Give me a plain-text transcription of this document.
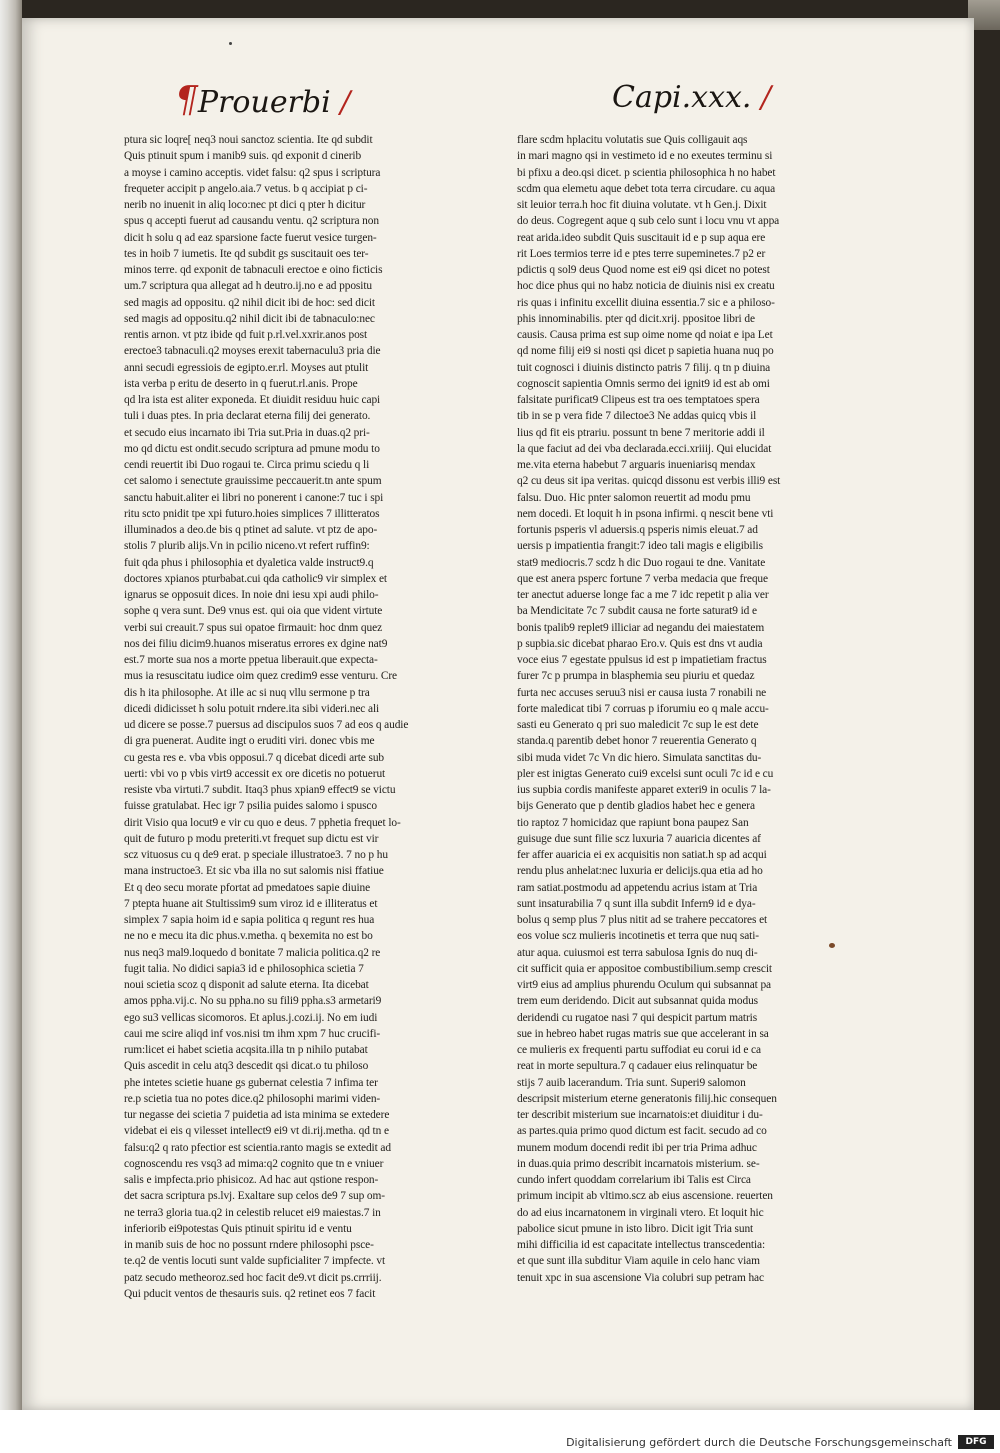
¶Prouerbi /	Capi.xxx. /
ptura sic loqre[ neq3 noui sanctoz scientia. Ite qd subdit
Quis ptinuit spum i manib9 suis. qd exponit d cinerib
a moyse i camino acceptis. videt falsu: q2 spus i scriptura
frequeter accipit p angelo.aia.7 vetus. b q accipiat p ci-
nerib no inuenit in aliq loco:nec pt dici q pter h dicitur
spus q accepti fuerut ad causandu ventu. q2 scriptura non
dicit h solu q ad eaz sparsione facte fuerut vesice turgen-
tes in hoib 7 iumetis. Ite qd subdit gs suscitauit oes ter-
minos terre. qd exponit de tabnaculi erectoe e oino ficticis
um.7 scriptura qua allegat ad h deutro.ij.no e ad ppositu
sed magis ad oppositu. q2 nihil dicit ibi de hoc: sed dicit
sed magis ad oppositu.q2 nihil dicit ibi de tabnaculo:nec
rentis arnon. vt ptz ibide qd fuit p.rl.vel.xxrir.anos post
erectoe3 tabnaculi.q2 moyses erexit tabernaculu3 pria die
anni secudi egressiois de egipto.er.rl. Moyses aut ptulit
ista verba p eritu de deserto in q fuerut.rl.anis. Prope
qd lra ista est aliter exponeda. Et diuidit residuu huic capi
tuli i duas ptes. In pria declarat eterna filij dei generato.
et secudo eius incarnato ibi Tria sut.Pria in duas.q2 pri-
mo qd dictu est ondit.secudo scriptura ad pmune modu to
cendi reuertit ibi Duo rogaui te. Circa primu sciedu q li
cet salomo i senectute grauissime peccauerit.tn ante spum
sanctu habuit.aliter ei libri no ponerent i canone:7 tuc i spi
ritu scto pnidit tpe xpi futuro.hoies simplices 7 illitteratos
illuminados a deo.de bis q ptinet ad salute. vt ptz de apo-
stolis 7 plurib alijs.Vn in pcilio niceno.vt refert ruffin9:
fuit qda phus i philosophia et dyaletica valde instruct9.q
doctores xpianos pturbabat.cui qda catholic9 vir simplex et
ignarus se opposuit dices. In noie dni iesu xpi audi philo-
sophe q vera sunt. De9 vnus est. qui oia que vident virtute
verbi sui creauit.7 spus sui opatoe firmauit: hoc dnm quez
nos dei filiu dicim9.huanos miseratus errores ex dgine nat9
est.7 morte sua nos a morte ppetua liberauit.que expecta-
mus ia resuscitatu iudice oim quez credim9 esse venturu. Cre
dis h ita philosophe. At ille ac si nuq vllu sermone p tra
dicedi didicisset h solu potuit rndere.ita sibi videri.nec ali
ud dicere se posse.7 puersus ad discipulos suos 7 ad eos q audie
di gra puenerat. Audite ingt o eruditi viri. donec vbis me
cu gesta res e. vba vbis opposui.7 q dicebat dicedi arte sub
uerti: vbi vo p vbis virt9 accessit ex ore dicetis no potuerut
resiste vba virtuti.7 subdit. Itaq3 phus xpian9 effect9 se victu
fuisse gratulabat. Hec igr 7 psilia puides salomo i spusco
dirit Visio qua locut9 e vir cu quo e deus. 7 pphetia frequet lo-
quit de futuro p modu preteriti.vt frequet sup dictu est vir
scz vituosus cu q de9 erat. p speciale illustratoe3. 7 no p hu
mana instructoe3. Et sic vba illa no sut salomis nisi ffatiue
Et q deo secu morate pfortat ad pmedatoes sapie diuine
7 ptepta huane ait Stultissim9 sum viroz id e illiteratus et
simplex 7 sapia hoim id e sapia politica q regunt res hua
ne no e mecu ita dic phus.v.metha. q bexemita no est bo
nus neq3 mal9.loquedo d bonitate 7 malicia politica.q2 re
fugit talia. No didici sapia3 id e philosophica scietia 7
noui scietia scoz q disponit ad salute eterna. Ita dicebat
amos ppha.vij.c. No su ppha.no su fili9 ppha.s3 armetari9
ego su3 vellicas sicomoros. Et aplus.j.cozi.ij. No em iudi
caui me scire aliqd inf vos.nisi tm ihm xpm 7 huc crucifi-
rum:licet ei habet scietia acqsita.illa tn p nihilo putabat
Quis ascedit in celu atq3 descedit qsi dicat.o tu philoso
phe intetes scietie huane gs gubernat celestia 7 infima ter
re.p scietia tua no potes dice.q2 philosophi marimi viden-
tur negasse dei scietia 7 puidetia ad ista minima se extedere
videbat ei eis q vilesset intellect9 ei9 vt di.rij.metha. qd tn e
falsu:q2 q rato pfectior est scientia.ranto magis se extedit ad
cognoscendu res vsq3 ad mima:q2 cognito que tn e vniuer
salis e impfecta.prio phisicoz. Ad hac aut qstione respon-
det sacra scriptura ps.lvj. Exaltare sup celos de9 7 sup om-
ne terra3 gloria tua.q2 in celestib relucet ei9 maiestas.7 in
inferiorib ei9potestas Quis ptinuit spiritu id e ventu
in manib suis de hoc no possunt rndere philosophi psce-
te.q2 de ventis locuti sunt valde supficialiter 7 impfecte. vt
patz secudo metheoroz.sed hoc facit de9.vt dicit ps.crrriij.
Qui pducit ventos de thesauris suis. q2 retinet eos 7 facit
flare scdm hplacitu volutatis sue Quis colligauit aqs
in mari magno qsi in vestimeto id e no exeutes terminu si
bi pfixu a deo.qsi dicet. p scientia philosophica h no habet
scdm qua elemetu aque debet tota terra circudare. cu aqua
sit leuior terra.h hoc fit diuina volutate. vt h Gen.j. Dixit
do deus. Cogregent aque q sub celo sunt i locu vnu vt appa
reat arida.ideo subdit Quis suscitauit id e p sup aqua ere
rit Loes termios terre id e ptes terre supeminetes.7 p2 er
pdictis q sol9 deus Quod nome est ei9 qsi dicet no potest
hoc dice phus qui no habz noticia de diuinis nisi ex creatu
ris quas i infinitu excellit diuina essentia.7 sic e a philoso-
phis innominabilis. pter qd dicit.xrij. ppositoe libri de
causis. Causa prima est sup oime nome qd noiat e ipa Let
qd nome filij ei9 si nosti qsi dicet p sapietia huana nuq po
tuit cognosci i diuinis distincto patris 7 filij. q tn p diuina
cognoscit sapientia Omnis sermo dei ignit9 id est ab omi
falsitate purificat9 Clipeus est tra oes temptatoes spera
tib in se p vera fide 7 dilectoe3 Ne addas quicq vbis il
lius qd fit eis ptrariu. possunt tn bene 7 meritorie addi il
la que faciut ad dei vba declarada.ecci.xriiij. Qui elucidat
me.vita eterna habebut 7 arguaris inueniarisq mendax
q2 cu deus sit ipa veritas. quicqd dissonu est verbis illi9 est
falsu. Duo. Hic pnter salomon reuertit ad modu pmu
nem docedi. Et loquit h in psona infirmi. q nescit bene vti
fortunis psperis vl aduersis.q psperis nimis eleuat.7 ad
uersis p impatientia frangit:7 ideo tali magis e eligibilis
stat9 mediocris.7 scdz h dic Duo rogaui te dne. Vanitate
que est anera psperc fortune 7 verba medacia que freque
ter anectut aduerse longe fac a me 7 idc repetit p alia ver
ba Mendicitate 7c 7 subdit causa ne forte saturat9 id e
bonis tpalib9 replet9 illiciar ad negandu dei maiestatem
p supbia.sic dicebat pharao Ero.v. Quis est dns vt audia
voce eius 7 egestate ppulsus id est p impatietiam fractus
furer 7c p prumpa in blasphemia seu piuriu et quedaz
furta nec accuses seruu3 nisi er causa iusta 7 ronabili ne
forte maledicat tibi 7 corruas p iforumiu eo q male accu-
sasti eu Generato q pri suo maledicit 7c sup le est dete
standa.q parentib debet honor 7 reuerentia Generato q
sibi muda videt 7c Vn dic hiero. Simulata sanctitas du-
pler est inigtas Generato cui9 excelsi sunt oculi 7c id e cu
ius supbia cordis manifeste apparet exteri9 in oculis 7 la-
bijs Generato que p dentib gladios habet hec e genera
tio raptoz 7 homicidaz que rapiunt bona paupez San
guisuge due sunt filie scz luxuria 7 auaricia dicentes af
fer affer auaricia ei ex acquisitis non satiat.h sp ad acqui
rendu plus anhelat:nec luxuria er delicijs.qua etia ad ho
ram satiat.postmodu ad appetendu acrius istam at Tria
sunt insaturabilia 7 q sunt illa subdit Infern9 id e dya-
bolus q semp plus 7 plus nitit ad se trahere peccatores et
eos volue scz mulieris incotinetis et terra que nuq sati-
atur aqua. cuiusmoi est terra sabulosa Ignis do nuq di-
cit sufficit quia er appositoe combustibilium.semp crescit
virt9 eius ad amplius phurendu Oculum qui subsannat pa
trem eum deridendo. Dicit aut subsannat quida modus
deridendi cu rugatoe nasi 7 qui despicit partum matris
sue in hebreo habet rugas matris sue que accelerant in sa
ce mulieris ex frequenti partu suffodiat eu corui id e ca
reat in morte sepultura.7 q cadauer eius relinquatur be
stijs 7 auib lacerandum. Tria sunt. Superi9 salomon
descripsit misterium eterne generatonis filij.hic consequen
ter describit misterium sue incarnatois:et diuiditur i du-
as partes.quia primo quod dictum est facit. secudo ad co
munem modum docendi redit ibi per tria Prima adhuc
in duas.quia primo describit incarnatois misterium. se-
cundo infert quoddam correlarium ibi Talis est Circa
primum incipit ab vltimo.scz ab eius ascensione. reuerten
do ad eius incarnatonem in virginali vtero. Et loquit hic
pabolice sicut pmune in isto libro. Dicit igit Tria sunt
mihi difficilia id est capacitate intellectus transcedentia:
et que sunt illa subditur Viam aquile in celo hanc viam
tenuit xpc in sua ascensione Via colubri sup petram hac
Digitalisierung gefördert durch die Deutsche Forschungsgemeinschaft	DFG
